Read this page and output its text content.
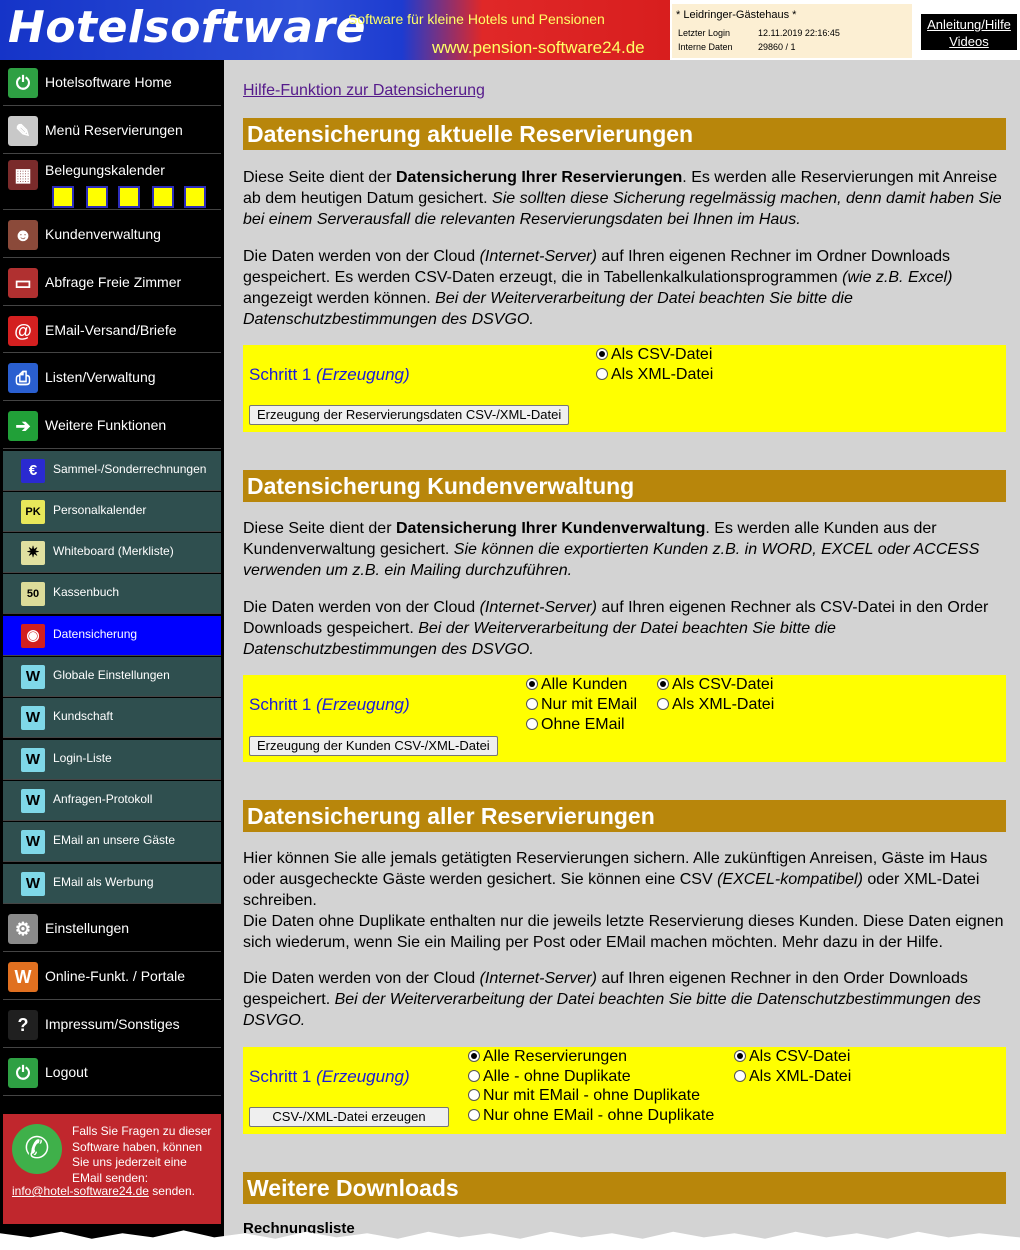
Hotelsoftware
Software für kleine Hotels und Pensionen
www.pension-software24.de
* Leidringer-Gästehaus *
Letzter Login	12.11.2019 22:16:45
Interne Daten	29860 / 1
Anleitung/Hilfe
Videos
⏻	Hotelsoftware Home
✎	Menü Reservierungen
▦ Belegungskalender
☻ Kundenverwaltung
▭ Abfrage Freie Zimmer
@ EMail-Versand/Briefe
⎙	Listen/Verwaltung
➔	Weitere Funktionen
€	Sammel-/Sonderrechnungen
PK	Personalkalender
✷	Whiteboard (Merkliste)
50	Kassenbuch
◉	Datensicherung
W	Globale Einstellungen
W	Kundschaft
W	Login-Liste
W	Anfragen-Protokoll
W	EMail an unsere Gäste
W	EMail als Werbung
⚙ Einstellungen
W Online-Funkt. / Portale
?	Impressum/Sonstiges
⏻	Logout
✆
Falls Sie Fragen zu dieser Software haben, können Sie uns jederzeit eine EMail senden:
info@hotel-software24.de senden.
Hilfe-Funktion zur Datensicherung
Datensicherung aktuelle Reservierungen

Diese Seite dient der Datensicherung Ihrer Reservierungen. Es werden alle Reservierungen mit Anreise ab dem heutigen Datum gesichert. Sie sollten diese Sicherung regelmässig machen, denn damit haben Sie bei einem Serverausfall die relevanten Reservierungsdaten bei Ihnen im Haus.

Die Daten werden von der Cloud (Internet-Server) auf Ihren eigenen Rechner im Ordner Downloads gespeichert. Es werden CSV-Daten erzeugt, die in Tabellenkalkulationsprogrammen (wie z.B. Excel) angezeigt werden können. Bei der Weiterverarbeitung der Datei beachten Sie bitte die Datenschutzbestimmungen des DSVGO.

Schritt 1 (Erzeugung)
Als CSV-Datei
Als XML-Datei
Erzeugung der Reservierungsdaten CSV-/XML-Datei
Datensicherung Kundenverwaltung

Diese Seite dient der Datensicherung Ihrer Kundenverwaltung. Es werden alle Kunden aus der Kundenverwaltung gesichert. Sie können die exportierten Kunden z.B. in WORD, EXCEL oder ACCESS verwenden um z.B. ein Mailing durchzuführen.

Die Daten werden von der Cloud (Internet-Server) auf Ihren eigenen Rechner als CSV-Datei in den Order Downloads gespeichert. Bei der Weiterverarbeitung der Datei beachten Sie bitte die Datenschutzbestimmungen des DSVGO.

Schritt 1 (Erzeugung)
Alle Kunden
Nur mit EMail
Ohne EMail
Als CSV-Datei
Als XML-Datei
Erzeugung der Kunden CSV-/XML-Datei
Datensicherung aller Reservierungen

Hier können Sie alle jemals getätigten Reservierungen sichern. Alle zukünftigen Anreisen, Gäste im Haus oder ausgecheckte Gäste werden gesichert. Sie können eine CSV (EXCEL-kompatibel) oder XML-Datei schreiben.
Die Daten ohne Duplikate enthalten nur die jeweils letzte Reservierung dieses Kunden. Diese Daten eignen sich wiederum, wenn Sie ein Mailing per Post oder EMail machen möchten. Mehr dazu in der Hilfe.

Die Daten werden von der Cloud (Internet-Server) auf Ihren eigenen Rechner in den Order Downloads gespeichert. Bei der Weiterverarbeitung der Datei beachten Sie bitte die Datenschutzbestimmungen des DSVGO.

Schritt 1 (Erzeugung)
Alle Reservierungen
Alle - ohne Duplikate
Nur mit EMail - ohne Duplikate
Nur ohne EMail - ohne Duplikate
Als CSV-Datei
Als XML-Datei
CSV-/XML-Datei erzeugen
Weitere Downloads
Rechnungsliste
